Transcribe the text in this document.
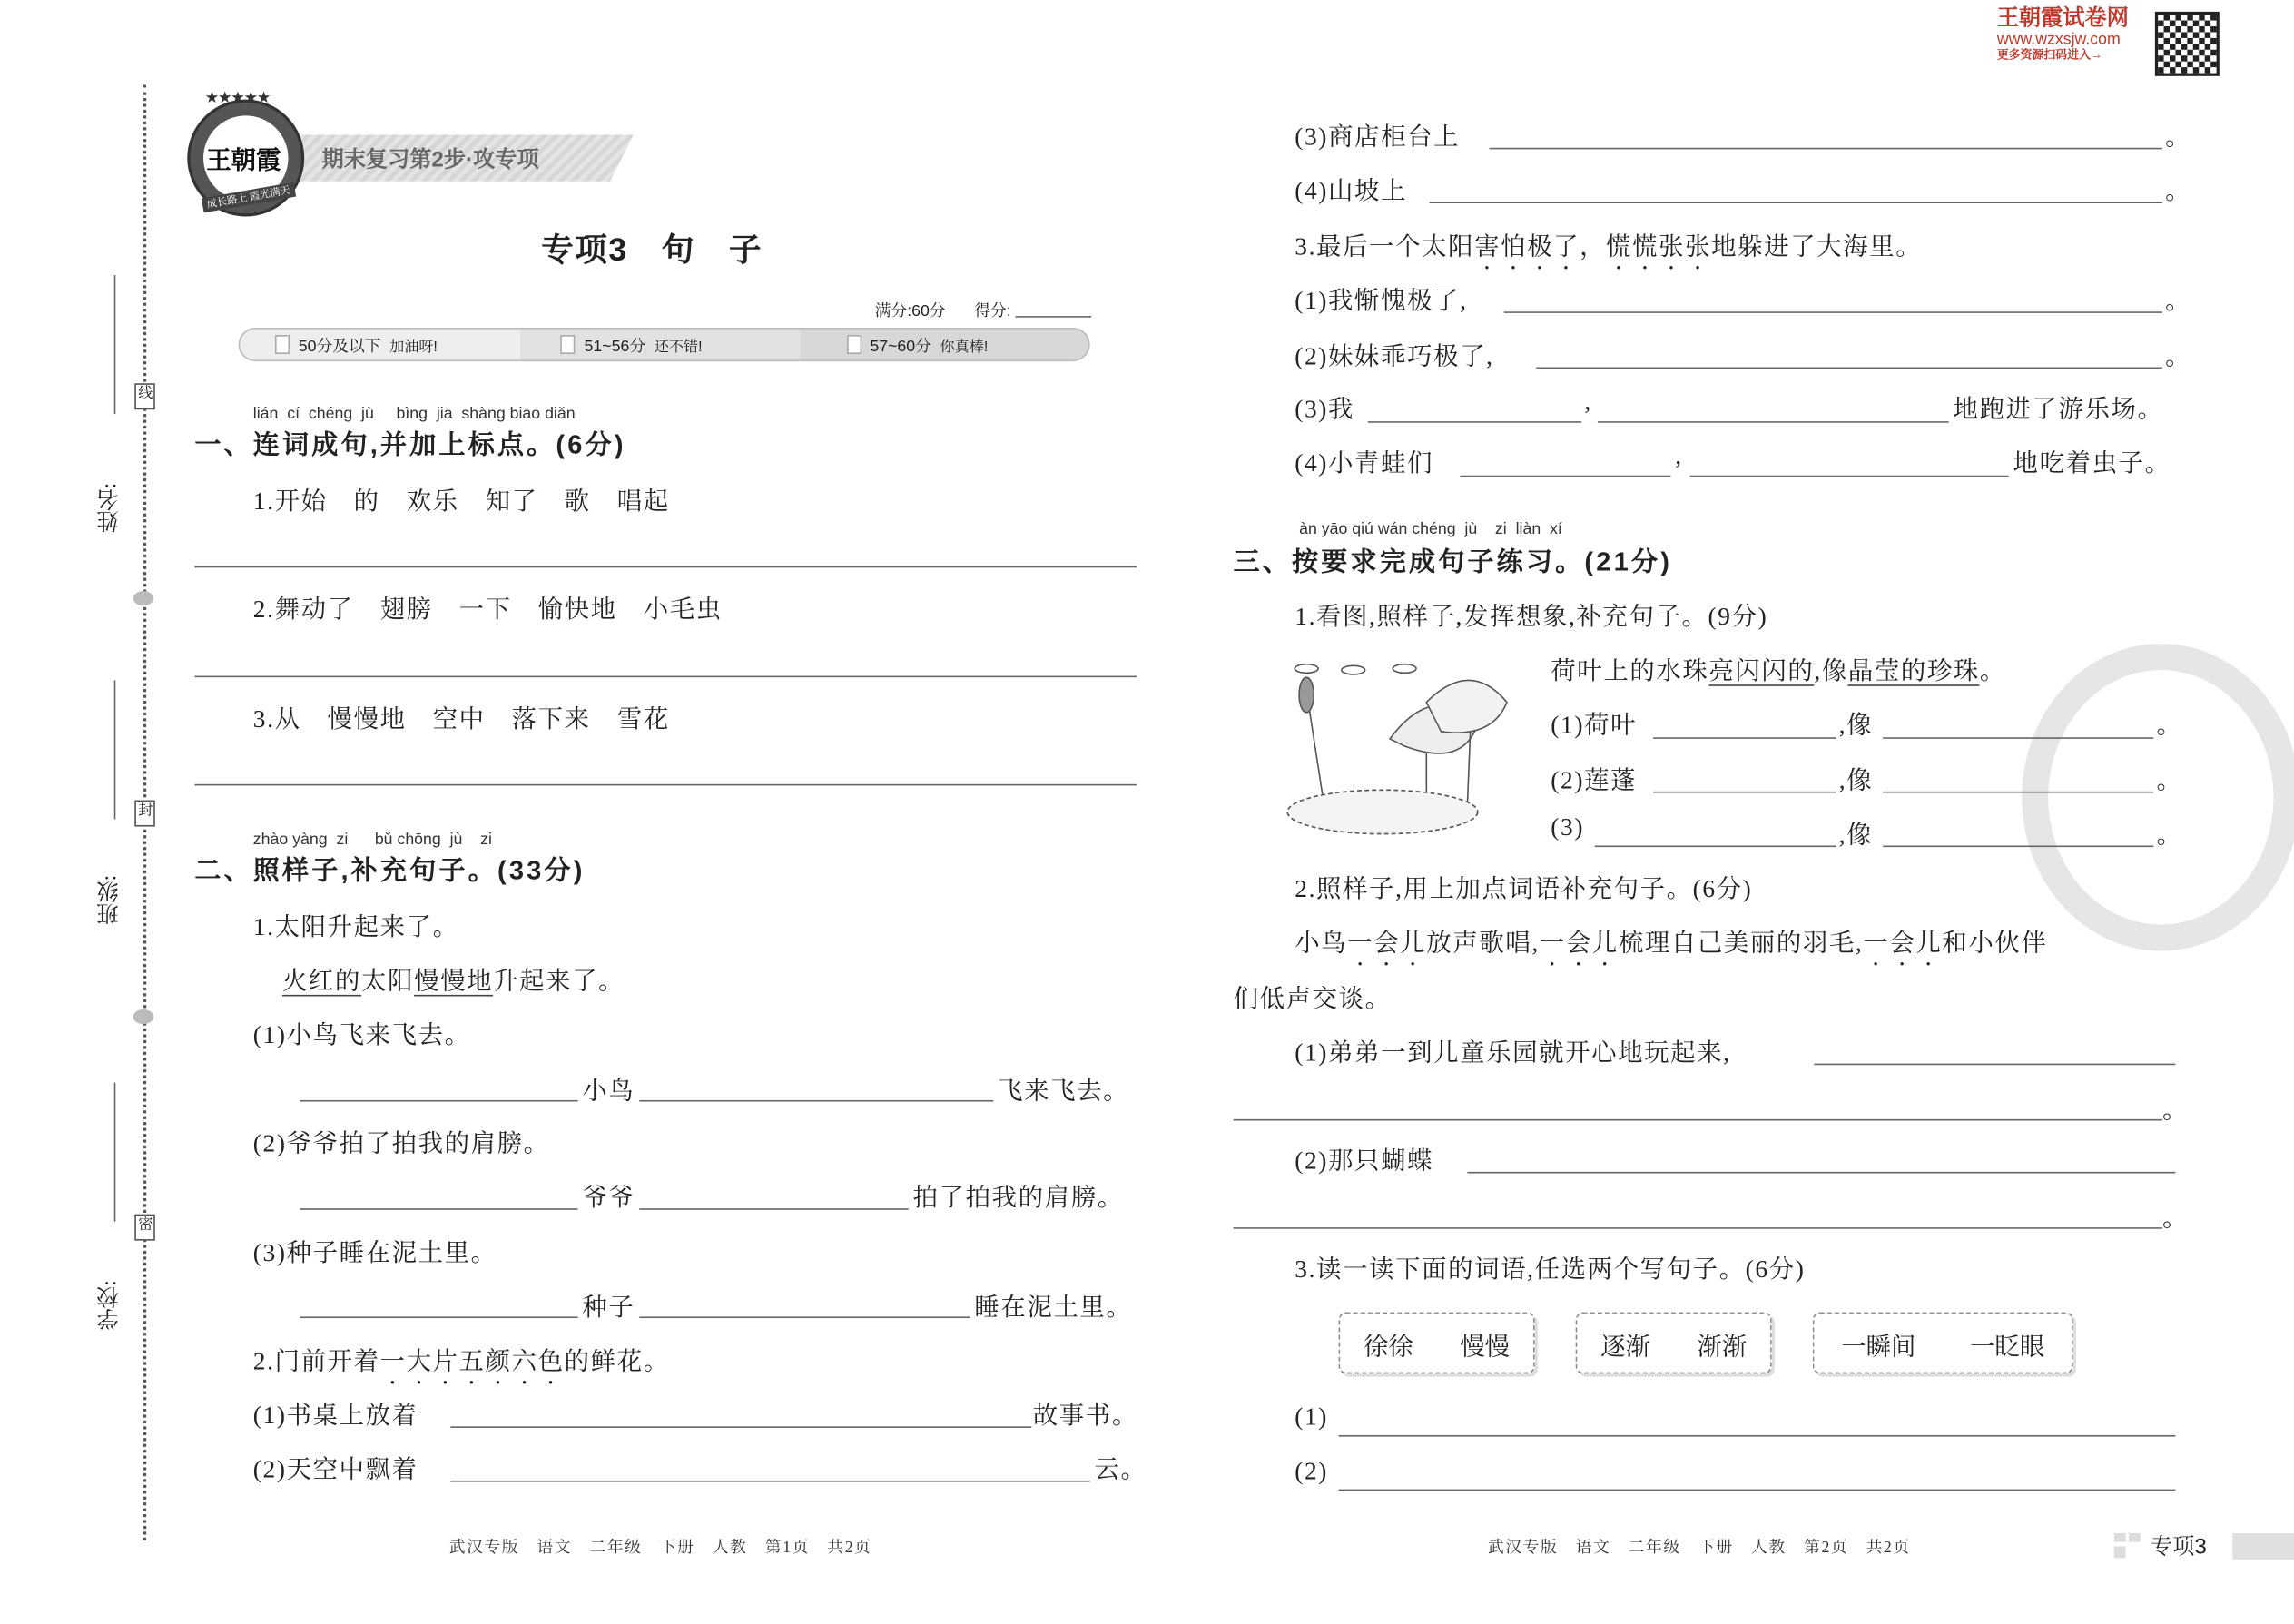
线
封
密
姓名:
班级:
学校:
期末复习第2步·攻专项
王朝霞
★★★★★
成长路上 霞光满天
专项3　句　子
满分:60分	得分:
50分及以下 加油呀!	51~56分 还不错!	57~60分 你真棒!
lián  cí  chéng  jù     bìng  jiā  shàng biāo diǎn
一、连词成句,并加上标点。(6分)
1.开始　的　欢乐　知了　歌　唱起
2.舞动了　翅膀　一下　愉快地　小毛虫
3.从　慢慢地　空中　落下来　雪花
zhào yàng  zi      bǔ chōng  jù    zi
二、照样子,补充句子。(33分)
1.太阳升起来了。
火红的太阳慢慢地升起来了。
(1)小鸟飞来飞去。
小鸟	飞来飞去。
(2)爷爷拍了拍我的肩膀。
爷爷	拍了拍我的肩膀。
(3)种子睡在泥土里。
种子	睡在泥土里。
2.门前开着一大片五颜六色的鲜花。
(1)书桌上放着	故事书。
(2)天空中飘着	云。
武汉专版　语文　二年级　下册　人教　第1页　共2页
王朝霞试卷网
www.wzxsjw.com
更多资源扫码进入→
(3)商店柜台上	。
(4)山坡上	。
3.最后一个太阳害怕极了，慌慌张张地躲进了大海里。
(1)我惭愧极了,	。
(2)妹妹乖巧极了,	。
(3)我	,	地跑进了游乐场。
(4)小青蛙们	,	地吃着虫子。
àn yāo qiú wán chéng  jù    zi  liàn  xí
三、按要求完成句子练习。(21分)
1.看图,照样子,发挥想象,补充句子。(9分)
荷叶上的水珠亮闪闪的,像晶莹的珍珠。
(1)荷叶	,像	。
(2)莲蓬	,像	。
(3)	,像	。
2.照样子,用上加点词语补充句子。(6分)
小鸟一会儿放声歌唱,一会儿梳理自己美丽的羽毛,一会儿和小伙伴
们低声交谈。
(1)弟弟一到儿童乐园就开心地玩起来,
。
(2)那只蝴蝶
。
3.读一读下面的词语,任选两个写句子。(6分)
徐徐	慢慢	逐渐	渐渐	一瞬间	一眨眼
(1)
(2)
武汉专版　语文　二年级　下册　人教　第2页　共2页	专项3
